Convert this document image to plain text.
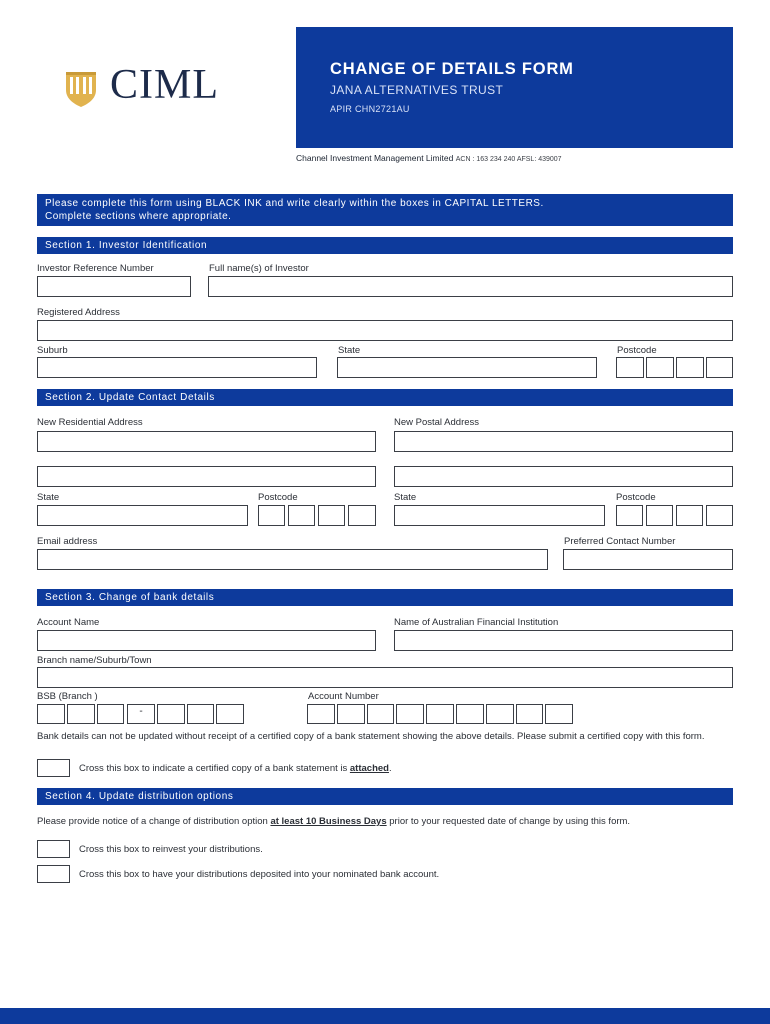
CIML	CHANGE OF DETAILS FORM
JANA ALTERNATIVES TRUST
APIR CHN2721AU
Channel Investment Management Limited ACN : 163 234 240 AFSL: 439007
Please complete this form using BLACK INK and write clearly within the boxes in CAPITAL LETTERS.
Complete sections where appropriate.
Section 1. Investor Identification
Investor Reference Number	Full name(s) of Investor
Registered Address
Suburb	State	Postcode
Section 2. Update Contact Details
New Residential Address	New Postal Address
State	Postcode	State	Postcode
Email address	Preferred Contact Number
Section 3. Change of bank details
Account Name	Name of Australian Financial Institution
Branch name/Suburb/Town
BSB (Branch )	Account Number
-
Bank details can not be updated without receipt of a certified copy of a bank statement showing the above details. Please submit a certified copy with this form.
Cross this box to indicate a certified copy of a bank statement is attached.
Section 4. Update distribution options
Please provide notice of a change of distribution option at least 10 Business Days prior to your requested date of change by using this form.
Cross this box to reinvest your distributions.
Cross this box to have your distributions deposited into your nominated bank account.
